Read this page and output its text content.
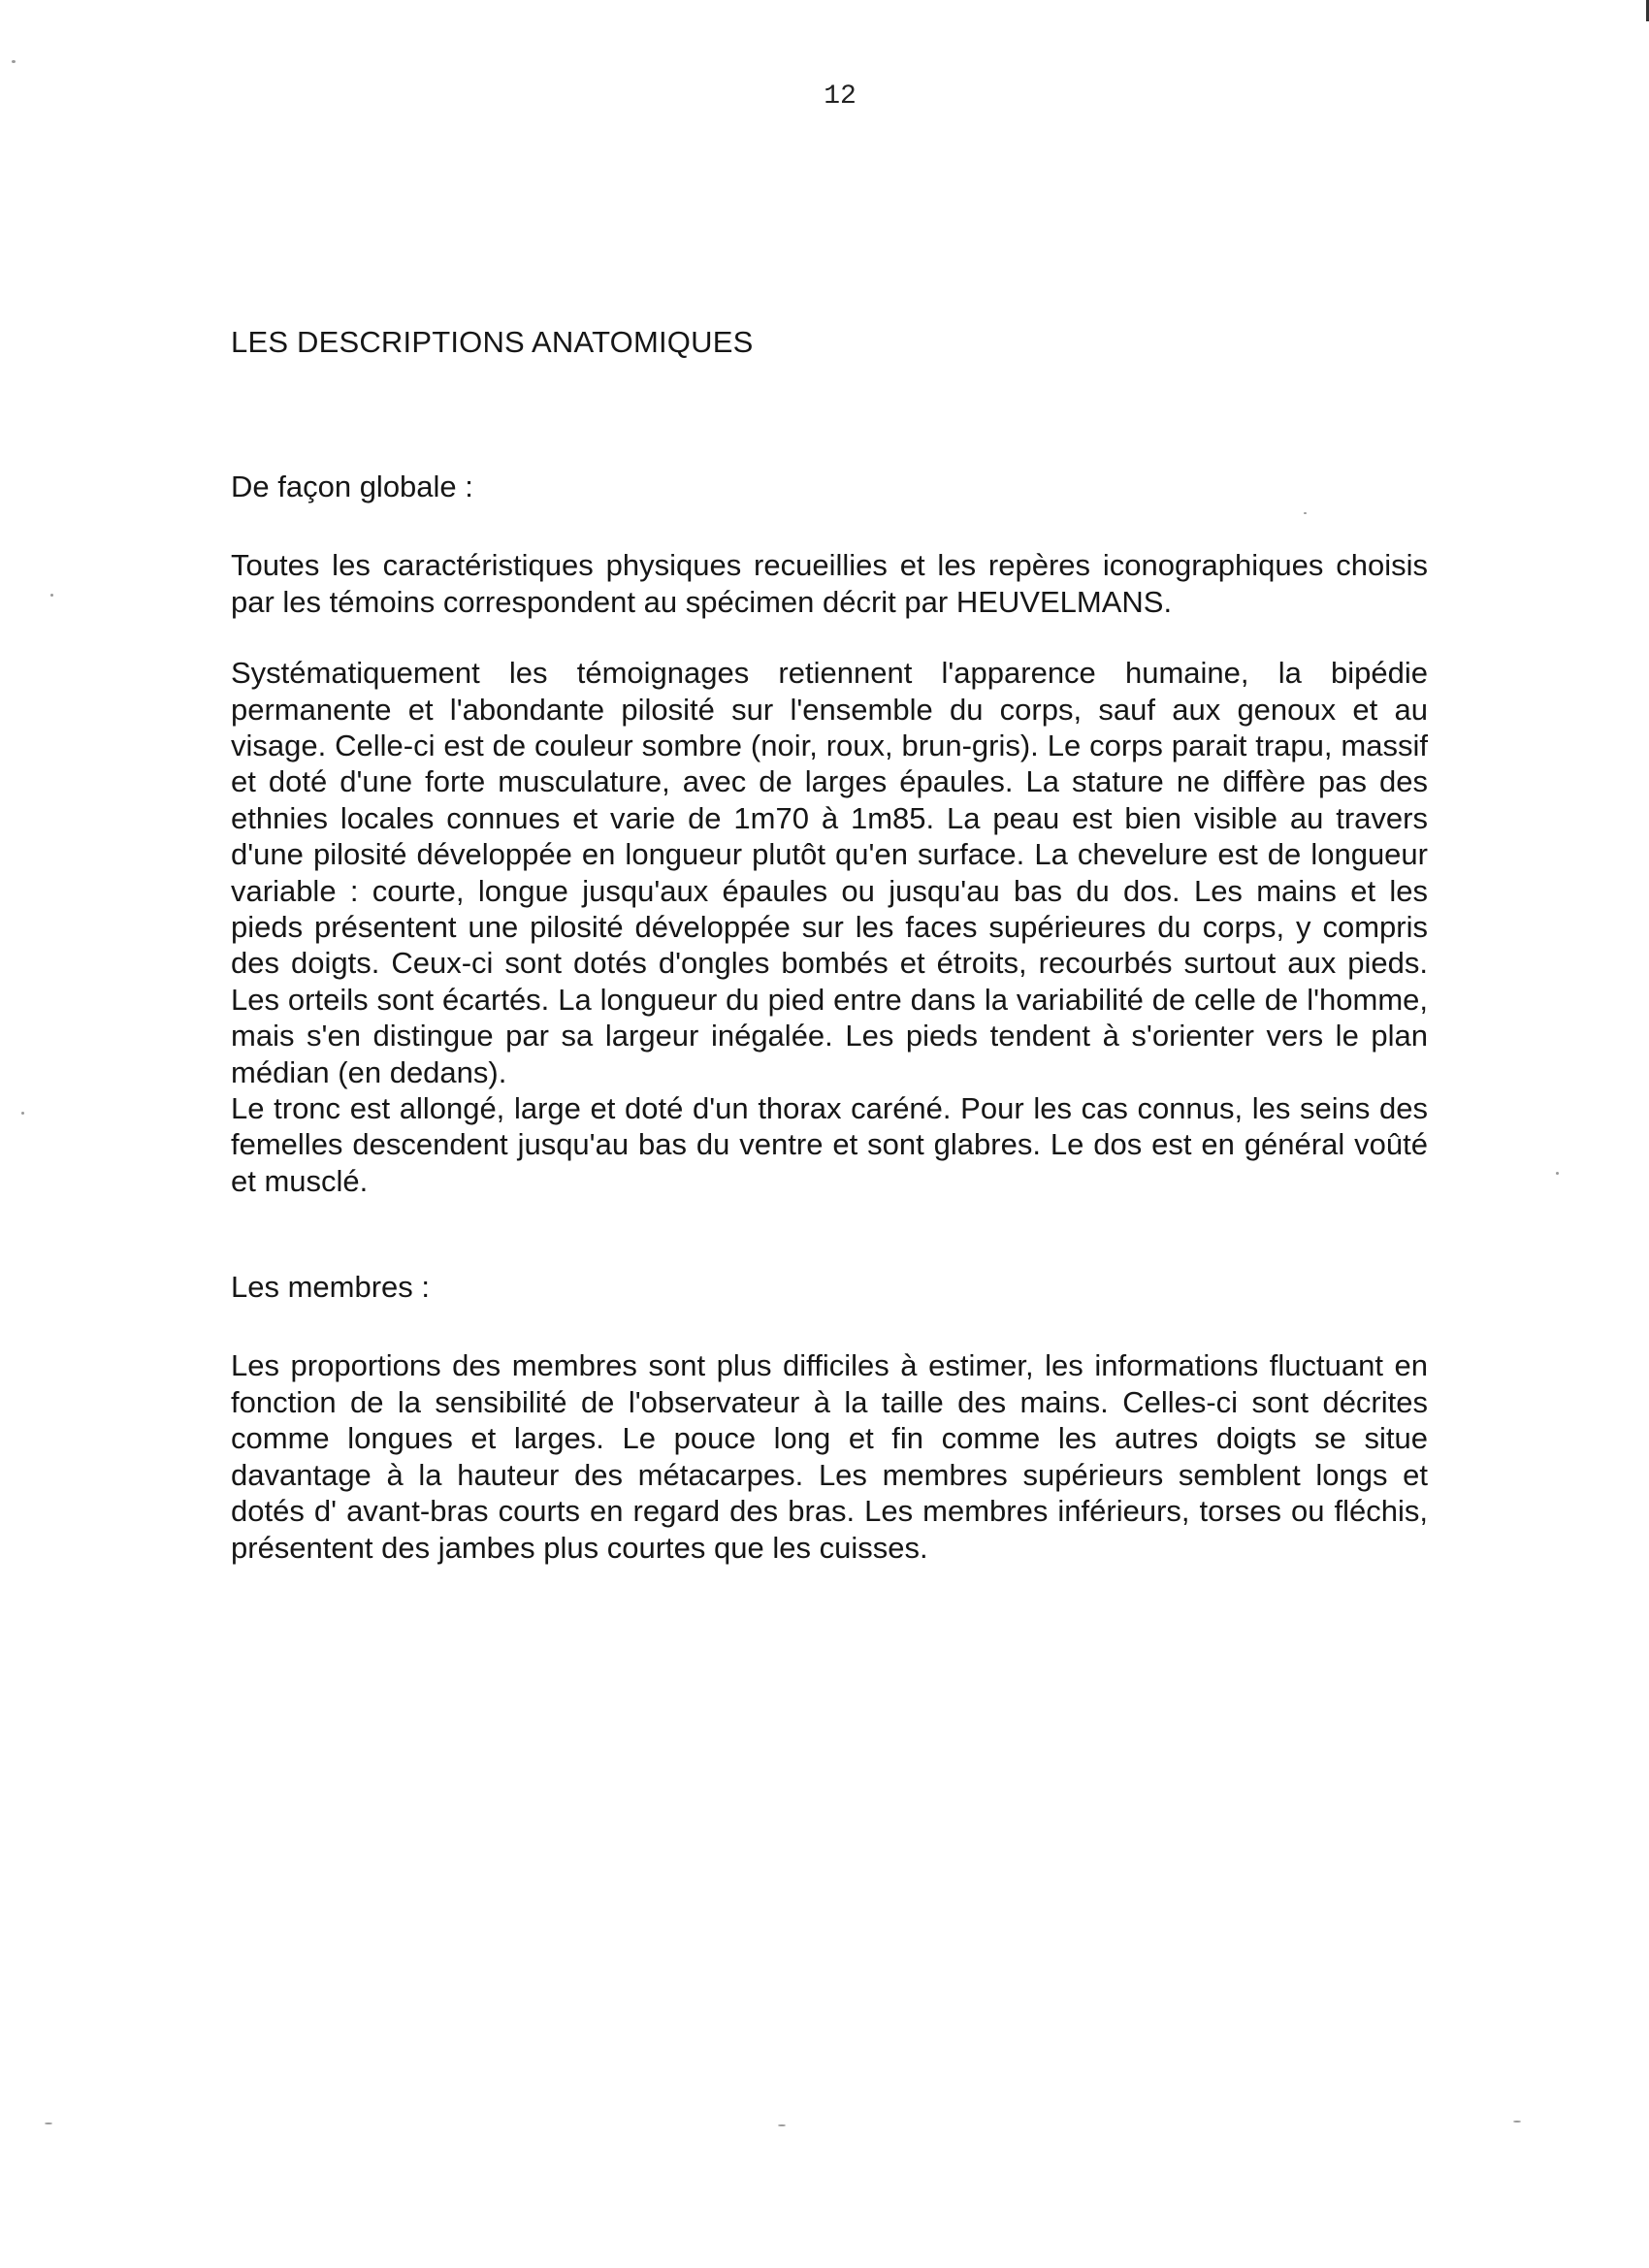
12
LES DESCRIPTIONS ANATOMIQUES
De façon globale :

Toutes les caractéristiques physiques recueillies et les repères iconographiques choisis par les témoins correspondent au spécimen décrit par HEUVELMANS.

Systématiquement les témoignages retiennent l'apparence humaine, la bipédie permanente et l'abondante pilosité sur l'ensemble du corps, sauf aux genoux et au visage. Celle-ci est de couleur sombre (noir, roux, brun-gris). Le corps parait trapu, massif et doté d'une forte musculature, avec de larges épaules. La stature ne diffère pas des ethnies locales connues et varie de 1m70 à 1m85. La peau est bien visible au travers d'une pilosité développée en longueur plutôt qu'en surface. La chevelure est de longueur variable : courte, longue jusqu'aux épaules ou jusqu'au bas du dos. Les mains et les pieds présentent une pilosité développée sur les faces supérieures du corps, y compris des doigts. Ceux-ci sont dotés d'ongles bombés et étroits, recourbés surtout aux pieds. Les orteils sont écartés. La longueur du pied entre dans la variabilité de celle de l'homme, mais s'en distingue par sa largeur inégalée. Les pieds tendent à s'orienter vers le plan médian (en dedans).

Le tronc est allongé, large et doté d'un thorax caréné. Pour les cas connus, les seins des femelles descendent jusqu'au bas du ventre et sont glabres. Le dos est en général voûté et musclé.

Les membres :

Les proportions des membres sont plus difficiles à estimer, les informations fluctuant en fonction de la sensibilité de l'observateur à la taille des mains. Celles-ci sont décrites comme longues et larges. Le pouce long et fin comme les autres doigts se situe davantage à la hauteur des métacarpes. Les membres supérieurs semblent longs et dotés d' avant-bras courts en regard des bras. Les membres inférieurs, torses ou fléchis, présentent des jambes plus courtes que les cuisses.
